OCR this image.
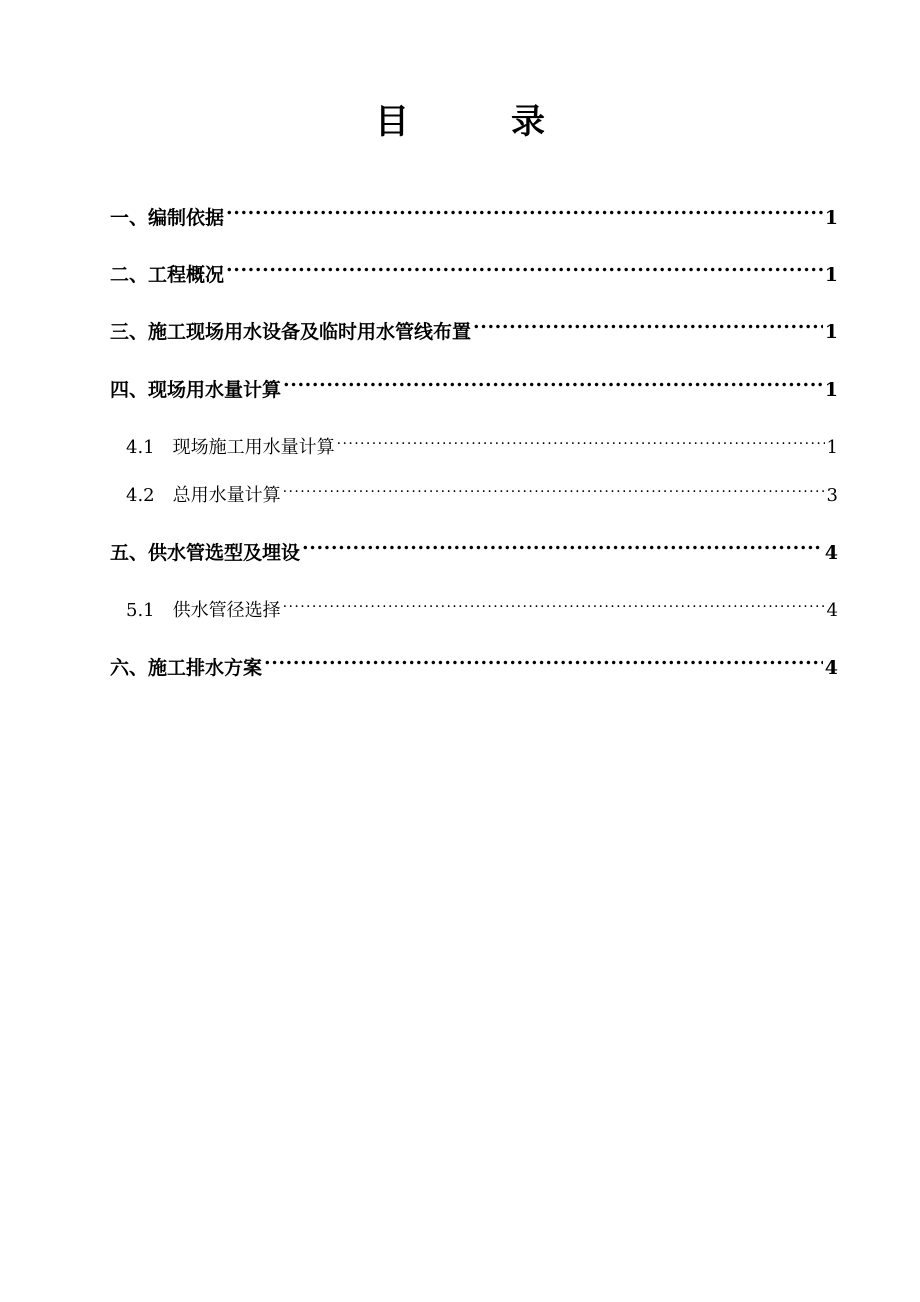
目　录
一、 编制依据 .....	1
二、 工程概况 .....	1
三、 施工现场用水设备及临时用水管线布置 .....	1
四、 现场用水量计算 .....	1
4.1 现场施工用水量计算 .....	1
4.2 总用水量计算 .....	3
五、 供水管选型及埋设 .....	4
5.1 供水管径选择 .....	4
六、 施工排水方案 .....	4
